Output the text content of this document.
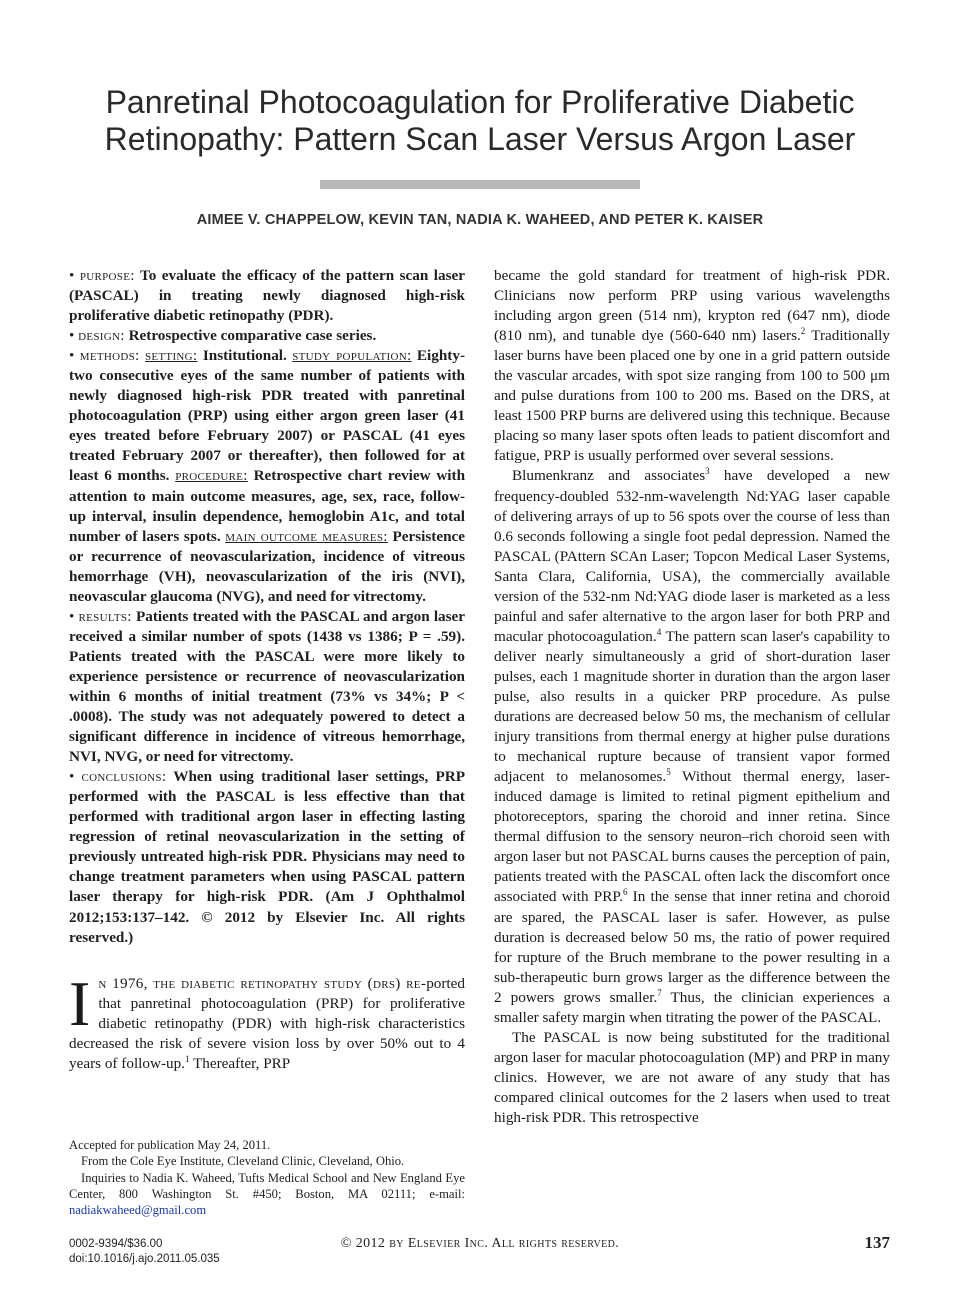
Panretinal Photocoagulation for Proliferative Diabetic Retinopathy: Pattern Scan Laser Versus Argon Laser
AIMEE V. CHAPPELOW, KEVIN TAN, NADIA K. WAHEED, AND PETER K. KAISER

• purpose: To evaluate the efficacy of the pattern scan laser (PASCAL) in treating newly diagnosed high-risk proliferative diabetic retinopathy (PDR).

• design: Retrospective comparative case series.

• methods: setting: Institutional. study population: Eighty-two consecutive eyes of the same number of patients with newly diagnosed high-risk PDR treated with panretinal photocoagulation (PRP) using either argon green laser (41 eyes treated before February 2007) or PASCAL (41 eyes treated February 2007 or thereafter), then followed for at least 6 months. procedure: Retrospective chart review with attention to main outcome measures, age, sex, race, follow-up interval, insulin dependence, hemoglobin A1c, and total number of lasers spots. main outcome measures: Persistence or recurrence of neovascularization, incidence of vitreous hemorrhage (VH), neovascularization of the iris (NVI), neovascular glaucoma (NVG), and need for vitrectomy.

• results: Patients treated with the PASCAL and argon laser received a similar number of spots (1438 vs 1386; P = .59). Patients treated with the PASCAL were more likely to experience persistence or recurrence of neovascularization within 6 months of initial treatment (73% vs 34%; P < .0008). The study was not adequately powered to detect a significant difference in incidence of vitreous hemorrhage, NVI, NVG, or need for vitrectomy.

• conclusions: When using traditional laser settings, PRP performed with the PASCAL is less effective than that performed with traditional argon laser in effecting lasting regression of retinal neovascularization in the setting of previously untreated high-risk PDR. Physicians may need to change treatment parameters when using PASCAL pattern laser therapy for high-risk PDR. (Am J Ophthalmol 2012;153:137–142. © 2012 by Elsevier Inc. All rights reserved.)

I n 1976, the diabetic retinopathy study (drs) re-ported that panretinal photocoagulation (PRP) for proliferative diabetic retinopathy (PDR) with high-risk characteristics decreased the risk of severe vision loss by over 50% out to 4 years of follow-up.$^1$ Thereafter, PRP

Accepted for publication May 24, 2011.

From the Cole Eye Institute, Cleveland Clinic, Cleveland, Ohio.

Inquiries to Nadia K. Waheed, Tufts Medical School and New England Eye Center, 800 Washington St. #450; Boston, MA 02111; e-mail: nadiakwaheed@gmail.com

became the gold standard for treatment of high-risk PDR. Clinicians now perform PRP using various wavelengths including argon green (514 nm), krypton red (647 nm), diode (810 nm), and tunable dye (560-640 nm) lasers.$^2$ Traditionally laser burns have been placed one by one in a grid pattern outside the vascular arcades, with spot size ranging from 100 to 500 μm and pulse durations from 100 to 200 ms. Based on the DRS, at least 1500 PRP burns are delivered using this technique. Because placing so many laser spots often leads to patient discomfort and fatigue, PRP is usually performed over several sessions.

Blumenkranz and associates$^3$ have developed a new frequency-doubled 532-nm-wavelength Nd:YAG laser capable of delivering arrays of up to 56 spots over the course of less than 0.6 seconds following a single foot pedal depression. Named the PASCAL (PAttern SCAn Laser; Topcon Medical Laser Systems, Santa Clara, California, USA), the commercially available version of the 532-nm Nd:YAG diode laser is marketed as a less painful and safer alternative to the argon laser for both PRP and macular photocoagulation.$^4$ The pattern scan laser's capability to deliver nearly simultaneously a grid of short-duration laser pulses, each 1 magnitude shorter in duration than the argon laser pulse, also results in a quicker PRP procedure. As pulse durations are decreased below 50 ms, the mechanism of cellular injury transitions from thermal energy at higher pulse durations to mechanical rupture because of transient vapor formed adjacent to melanosomes.$^5$ Without thermal energy, laser-induced damage is limited to retinal pigment epithelium and photoreceptors, sparing the choroid and inner retina. Since thermal diffusion to the sensory neuron–rich choroid seen with argon laser but not PASCAL burns causes the perception of pain, patients treated with the PASCAL often lack the discomfort once associated with PRP.$^6$ In the sense that inner retina and choroid are spared, the PASCAL laser is safer. However, as pulse duration is decreased below 50 ms, the ratio of power required for rupture of the Bruch membrane to the power resulting in a sub-therapeutic burn grows larger as the difference between the 2 powers grows smaller.$^7$ Thus, the clinician experiences a smaller safety margin when titrating the power of the PASCAL.

The PASCAL is now being substituted for the traditional argon laser for macular photocoagulation (MP) and PRP in many clinics. However, we are not aware of any study that has compared clinical outcomes for the 2 lasers when used to treat high-risk PDR. This retrospective

0002-9394/$36.00
doi:10.1016/j.ajo.2011.05.035
© 2012 by Elsevier Inc. All rights reserved.	137
